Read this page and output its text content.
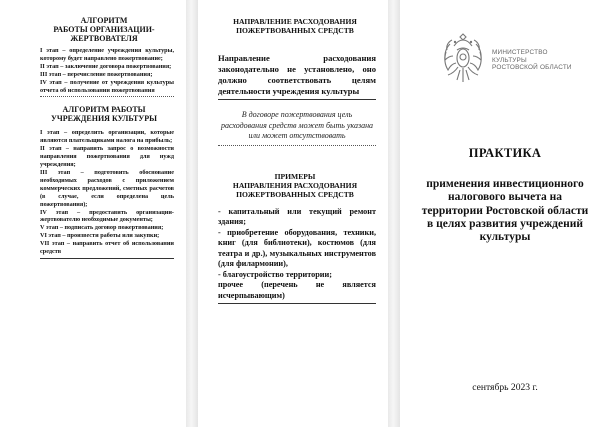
АЛГОРИТМ
РАБОТЫ ОРГАНИЗАЦИИ-
ЖЕРТВОВАТЕЛЯ

I этап – определение учреждения культуры, которому будет направлено пожертвование;

II этап – заключение договора пожертвования;

III этап – перечисление пожертвования;

IV этап – получение от учреждения культуры отчета об использовании пожертвования

АЛГОРИТМ РАБОТЫ
УЧРЕЖДЕНИЯ КУЛЬТУРЫ

I этап – определить организации, которые являются плательщиками налога на прибыль;

II этап – направить запрос о возможности направления пожертвования для нужд учреждения;

III этап – подготовить обоснование необходимых расходов с приложением коммерческих предложений, сметных расчетов (в случае, если определена цель пожертвования);

IV этап – предоставить организации-жертвователю необходимые документы;

V этап – подписать договор пожертвования;

VI этап – произвести работы или закупки;

VII этап – направить отчет об использовании средств

НАПРАВЛЕНИЕ РАСХОДОВАНИЯ
ПОЖЕРТВОВАННЫХ СРЕДСТВ

Направление расходования законодательно не установлено, оно должно соответствовать целям деятельности учреждения культуры

В договоре пожертвования цель расходования средств может быть указана или может отсутствовать

ПРИМЕРЫ
НАПРАВЛЕНИЯ РАСХОДОВАНИЯ
ПОЖЕРТВОВАННЫХ СРЕДСТВ

- капитальный или текущий ремонт здания;

- приобретение оборудования, техники, книг (для библиотеки), костюмов (для театра и др.), музыкальных инструментов (для филармонии),

- благоустройство территории;

прочее (перечень не является исчерпывающим)

МИНИСТЕРСТВО
КУЛЬТУРЫ
РОСТОВСКОЙ ОБЛАСТИ
ПРАКТИКА
применения инвестиционного налогового вычета на территории Ростовской области в целях развития учреждений культуры
сентябрь 2023 г.
